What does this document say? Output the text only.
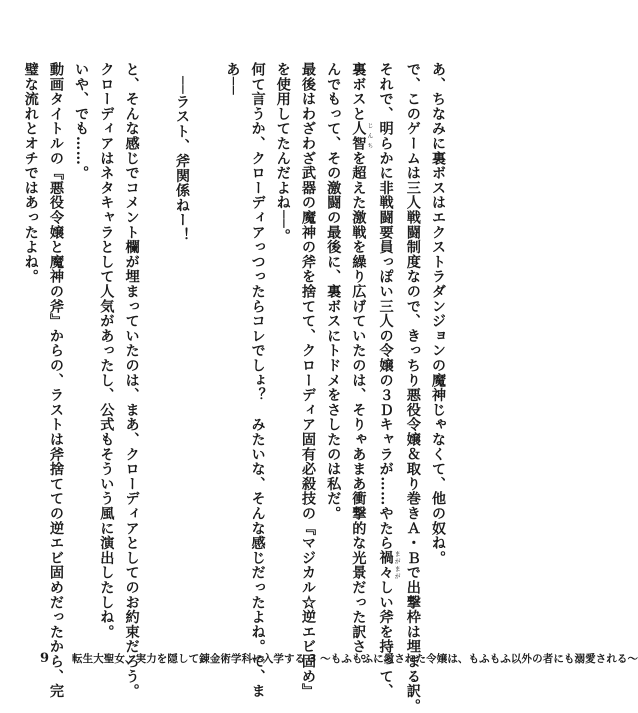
あ、ちなみに裏ボスはエクストラダンジョンの魔神じゃなくて、他の奴ね。
で、このゲームは三人戦闘制度なので、きっちり悪役令嬢＆取り巻きＡ・Ｂで出撃枠は埋まる訳。
それで、明らかに非戦闘要員っぽい三人の令嬢の３Ｄキャラが……やたら禍々 まがまがしい斧を持って、
裏ボスと人智 じんちを超えた激戦を繰り広げていたのは、そりゃあまあ衝撃的な光景だった訳さ。
んでもって、その激闘の最後に、裏ボスにトドメをさしたのは私だ。
最後はわざわざ武器の魔神の斧を捨てて、クローディア固有必殺技の『マジカル☆逆エビ固め』
を使用してたんだよね──。
何て言うか、クローディアっつったらコレでしょ？　みたいな、そんな感じだったよね。で、ま
あ──
──ラスト、斧関係ねー！
と、そんな感じでコメント欄が埋まっていたのは、まあ、クローディアとしてのお約束だろう。
クローディアはネタキャラとして人気があったし、公式もそういう風に演出したしね。
いや、でも……。
動画タイトルの『悪役令嬢と魔神の斧』からの、ラストは斧捨てての逆エビ固めだったから、完
璧な流れとオチではあったよね。
9 転生大聖女、実力を隠して錬金術学科に入学する 3 〜もふもふに愛された令嬢は、もふもふ以外の者にも溺愛される〜
